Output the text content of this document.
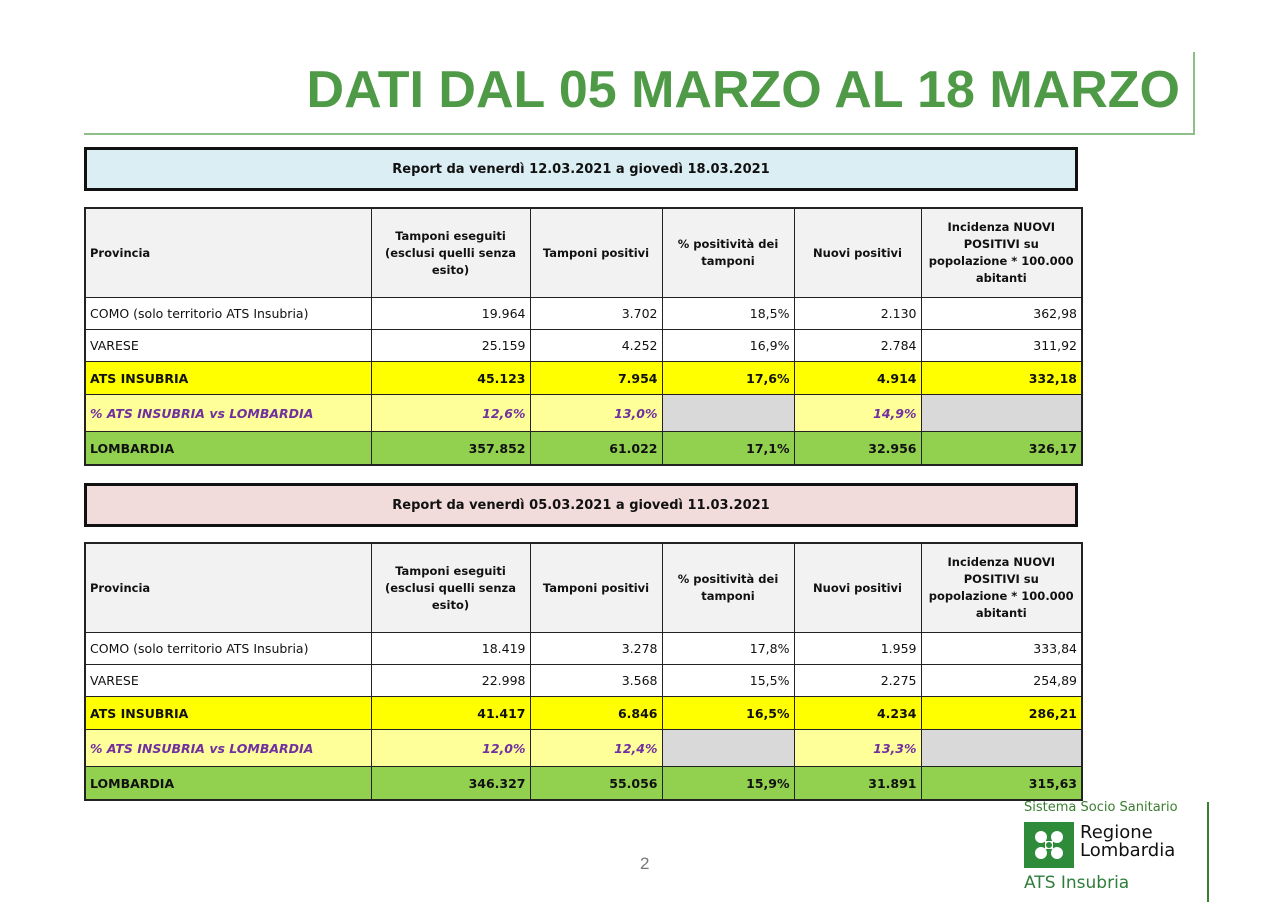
DATI DAL 05 MARZO AL 18 MARZO
Report da venerdì 12.03.2021 a giovedì 18.03.2021
Provincia	Tamponi eseguiti (esclusi quelli senza esito)	Tamponi positivi	% positività dei tamponi	Nuovi positivi	Incidenza NUOVI POSITIVI su popolazione * 100.000 abitanti
COMO (solo territorio ATS Insubria)	19.964	3.702	18,5%	2.130	362,98
VARESE	25.159	4.252	16,9%	2.784	311,92
ATS INSUBRIA	45.123	7.954	17,6%	4.914	332,18
% ATS INSUBRIA vs LOMBARDIA	12,6%	13,0%		14,9%	
LOMBARDIA	357.852	61.022	17,1%	32.956	326,17
Report da venerdì 05.03.2021 a giovedì 11.03.2021
Provincia	Tamponi eseguiti (esclusi quelli senza esito)	Tamponi positivi	% positività dei tamponi	Nuovi positivi	Incidenza NUOVI POSITIVI su popolazione * 100.000 abitanti
COMO (solo territorio ATS Insubria)	18.419	3.278	17,8%	1.959	333,84
VARESE	22.998	3.568	15,5%	2.275	254,89
ATS INSUBRIA	41.417	6.846	16,5%	4.234	286,21
% ATS INSUBRIA vs LOMBARDIA	12,0%	12,4%		13,3%	
LOMBARDIA	346.327	55.056	15,9%	31.891	315,63
2
Sistema Socio Sanitario
Regione
Lombardia
ATS Insubria
